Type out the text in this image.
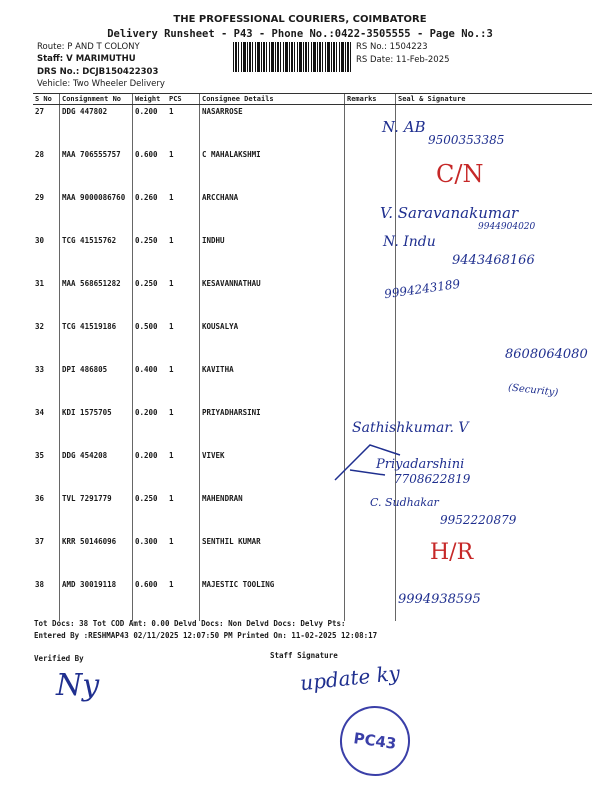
THE PROFESSIONAL COURIERS, COIMBATORE
Delivery Runsheet - P43 - Phone No.:0422-3505555 - Page No.:3
Route: P AND T COLONY
Staff: V MARIMUTHU
DRS No.: DCJB150422303
Vehicle: Two Wheeler Delivery
RS No.: 1504223
RS Date: 11-Feb-2025
S No	Consignment No	Weight	PCS	Consignee Details	Remarks	Seal & Signature
27	DDG 447802	0.200	1	NASARROSE		
28	MAA 706555757	0.600	1	C MAHALAKSHMI		
29	MAA 9000086760	0.260	1	ARCCHANA		
30	TCG 41515762	0.250	1	INDHU		
31	MAA 568651282	0.250	1	KESAVANNATHAU		
32	TCG 41519186	0.500	1	KOUSALYA		
33	DPI 486805	0.400	1	KAVITHA		
34	KDI 1575705	0.200	1	PRIYADHARSINI		
35	DDG 454208	0.200	1	VIVEK		
36	TVL 7291779	0.250	1	MAHENDRAN		
37	KRR 50146096	0.300	1	SENTHIL KUMAR		
38	AMD 30019118	0.600	1	MAJESTIC TOOLING		
N. AB
9500353385
C/N
V. Saravanakumar
9944904020
N. Indu
9443468166
9994243189
8608064080
(Security)
Sathishkumar. V
Priyadarshini
7708622819
C. Sudhakar
9952220879
H/R
9994938595
Tot Docs: 38 Tot COD Amt: 0.00 Delvd Docs: Non Delvd Docs: Delvy Pts:
Entered By :RESHMAP43 02/11/2025 12:07:50 PM Printed On: 11-02-2025 12:08:17
Verified By	Staff Signature
Ny	update ky
PC43
